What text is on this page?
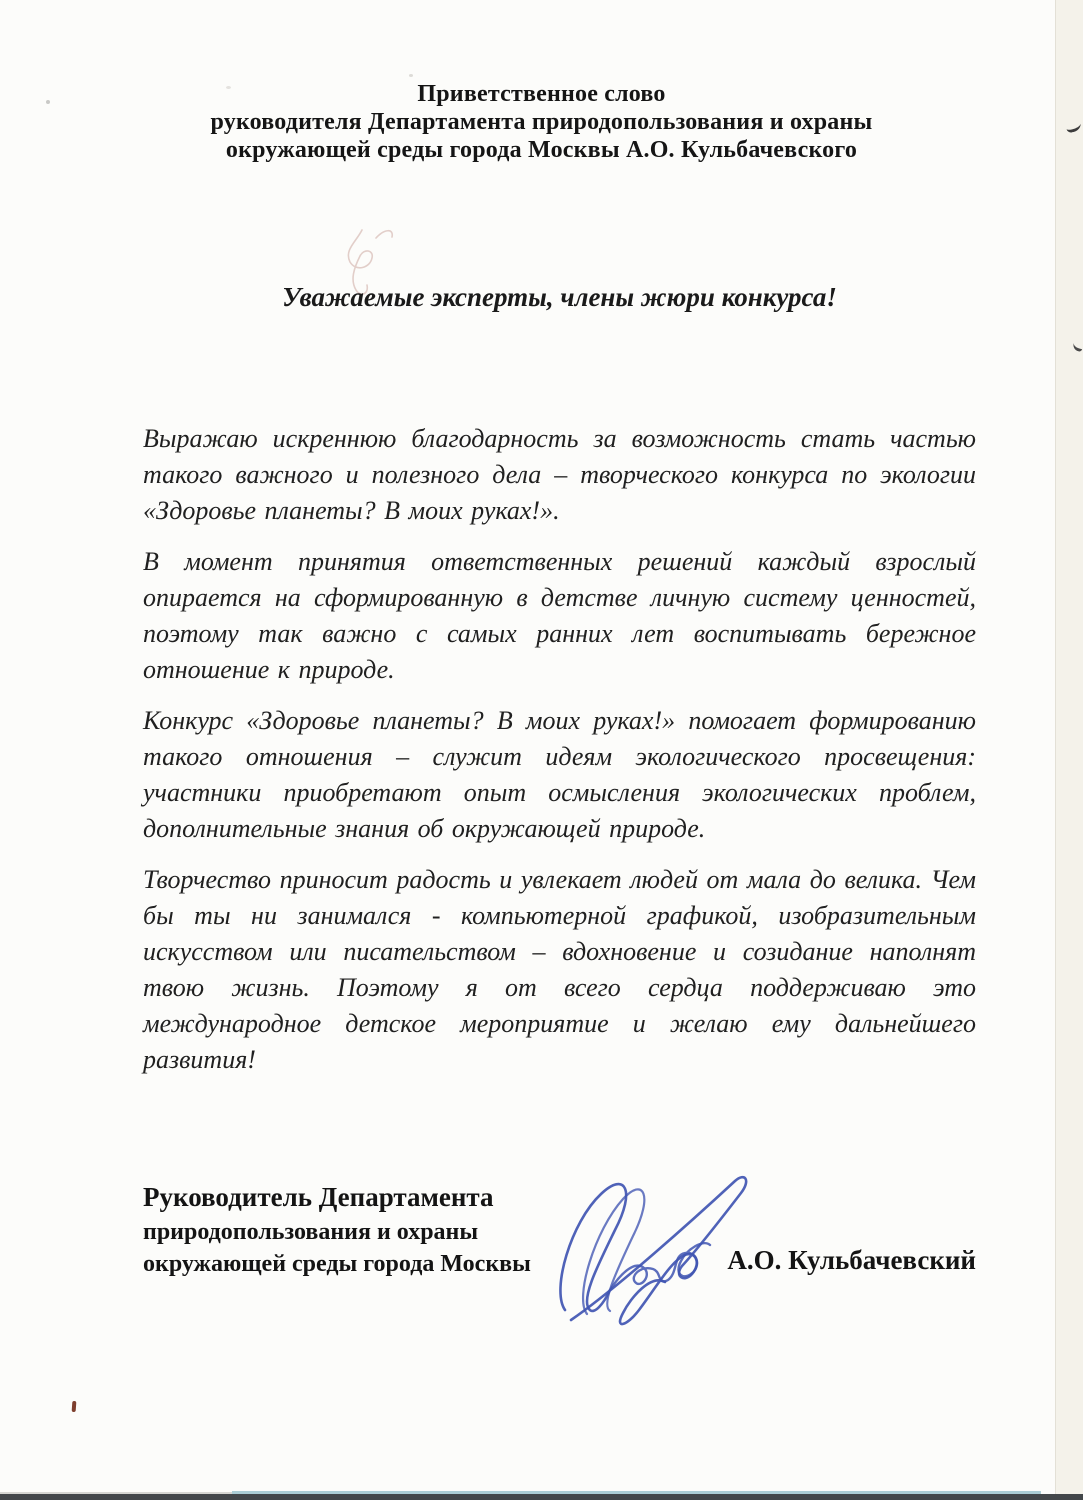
Приветственное слово
руководителя Департамента природопользования и охраны
окружающей среды города Москвы А.О. Кульбачевского
Уважаемые эксперты, члены жюри конкурса!

Выражаю искреннюю благодарность за возможность стать частью такого важного и полезного дела – творческого конкурса по экологии «Здоровье планеты? В моих руках!».

В момент принятия ответственных решений каждый взрослый опирается на сформированную в детстве личную систему ценностей, поэтому так важно с самых ранних лет воспитывать бережное отношение к природе.

Конкурс «Здоровье планеты? В моих руках!» помогает формированию такого отношения – служит идеям экологического просвещения: участники приобретают опыт осмысления экологических проблем, дополнительные знания об окружающей природе.

Творчество приносит радость и увлекает людей от мала до велика. Чем бы ты ни занимался - компьютерной графикой, изобразительным искусством или писательством – вдохновение и созидание наполнят твою жизнь. Поэтому я от всего сердца поддерживаю это международное детское мероприятие и желаю ему дальнейшего развития!

Руководитель Департамента
природопользования и охраны
окружающей среды города Москвы	А.О. Кульбачевский
